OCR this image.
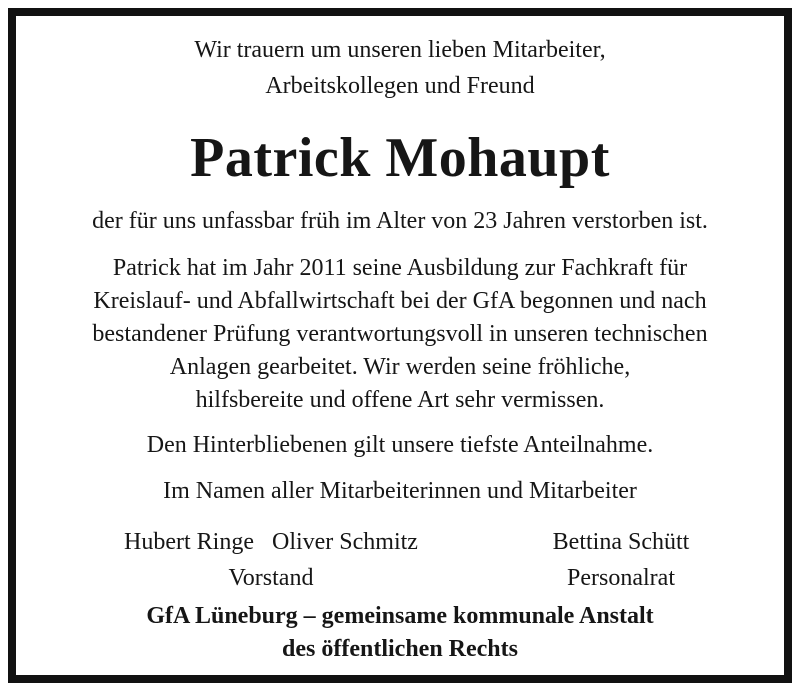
Wir trauern um unseren lieben Mitarbeiter,
Arbeitskollegen und Freund
Patrick Mohaupt
der für uns unfassbar früh im Alter von 23 Jahren verstorben ist.
Patrick hat im Jahr 2011 seine Ausbildung zur Fachkraft für
Kreislauf- und Abfallwirtschaft bei der GfA begonnen und nach
bestandener Prüfung verantwortungsvoll in unseren technischen
Anlagen gearbeitet. Wir werden seine fröhliche,
hilfsbereite und offene Art sehr vermissen.
Den Hinterbliebenen gilt unsere tiefste Anteilnahme.
Im Namen aller Mitarbeiterinnen und Mitarbeiter
Hubert Ringe   Oliver Schmitz
Vorstand
Bettina Schütt
Personalrat
GfA Lüneburg – gemeinsame kommunale Anstalt
des öffentlichen Rechts
